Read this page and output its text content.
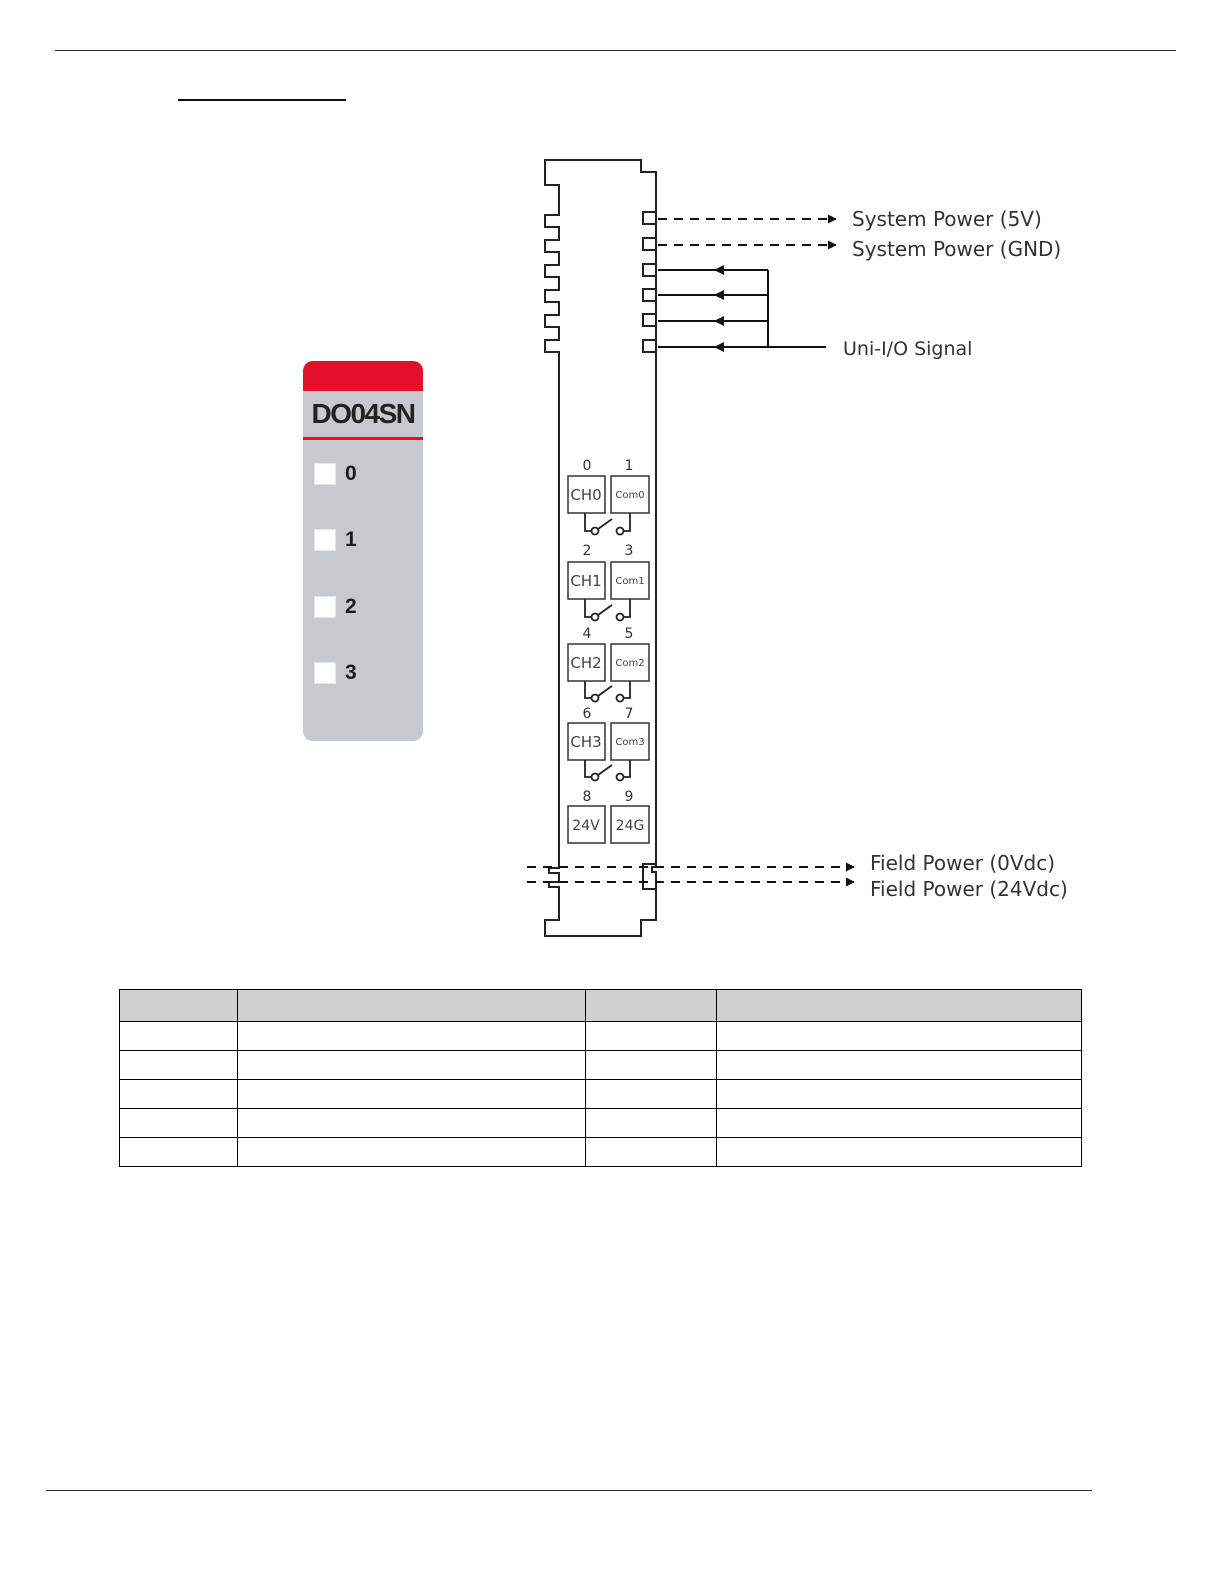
DO04SN
0
1
2
3
System Power (5V)
System Power (GND)
Uni-I/O Signal
Field Power (0Vdc)
Field Power (24Vdc)
0 1
2 3
4 5
6 7
8 9
CH0 Com0
CH1 Com1
CH2 Com2
CH3 Com3
24V 24G
